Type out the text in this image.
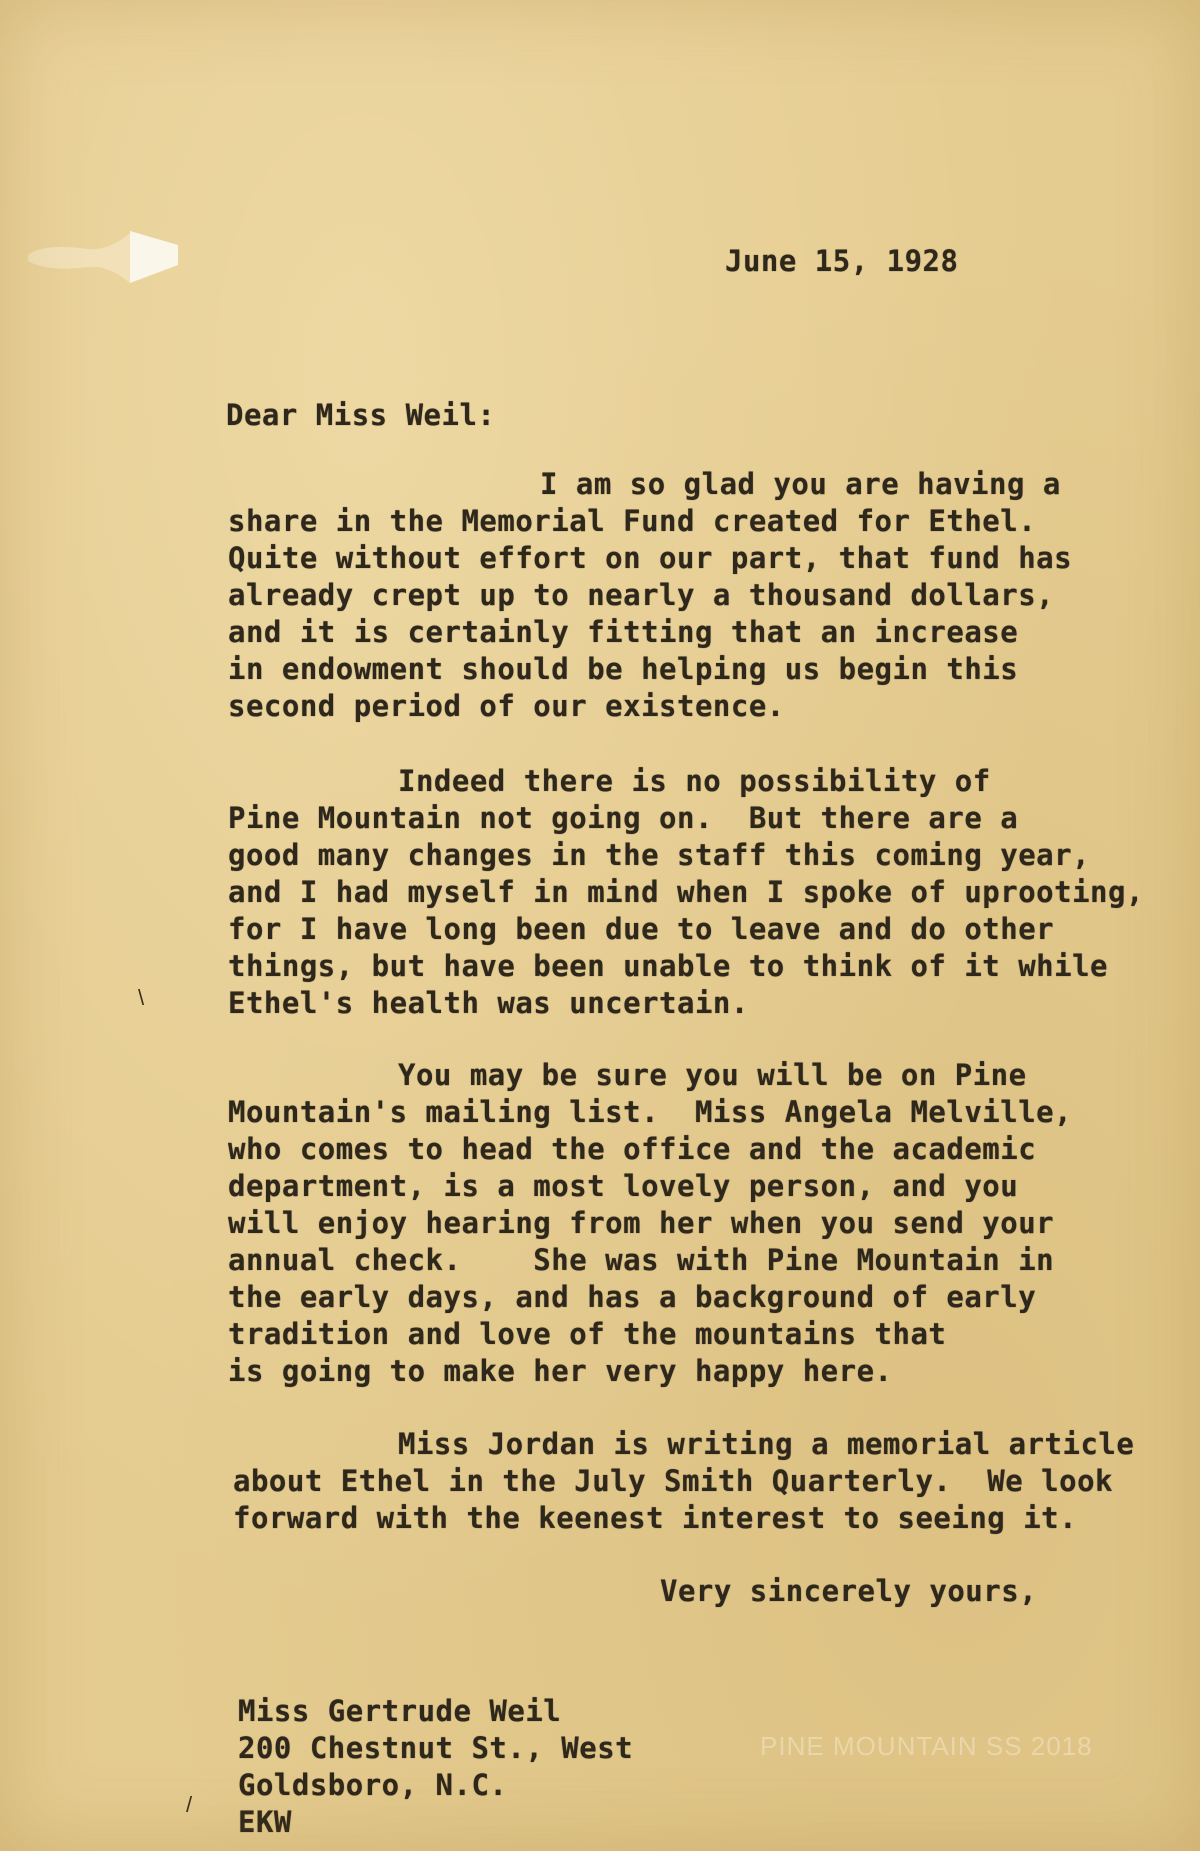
June 15, 1928
Dear Miss Weil:
I am so glad you are having a
share in the Memorial Fund created for Ethel.
Quite without effort on our part, that fund has
already crept up to nearly a thousand dollars,
and it is certainly fitting that an increase
in endowment should be helping us begin this
second period of our existence.
Indeed there is no possibility of
Pine Mountain not going on.  But there are a
good many changes in the staff this coming year,
and I had myself in mind when I spoke of uprooting,
for I have long been due to leave and do other
things, but have been unable to think of it while
Ethel's health was uncertain.
You may be sure you will be on Pine
Mountain's mailing list.  Miss Angela Melville,
who comes to head the office and the academic
department, is a most lovely person, and you
will enjoy hearing from her when you send your
annual check.    She was with Pine Mountain in
the early days, and has a background of early
tradition and love of the mountains that
is going to make her very happy here.
Miss Jordan is writing a memorial article
about Ethel in the July Smith Quarterly.  We look
forward with the keenest interest to seeing it.
Very sincerely yours,
Miss Gertrude Weil
200 Chestnut St., West
Goldsboro, N.C.
EKW
PINE MOUNTAIN SS 2018
\
/
